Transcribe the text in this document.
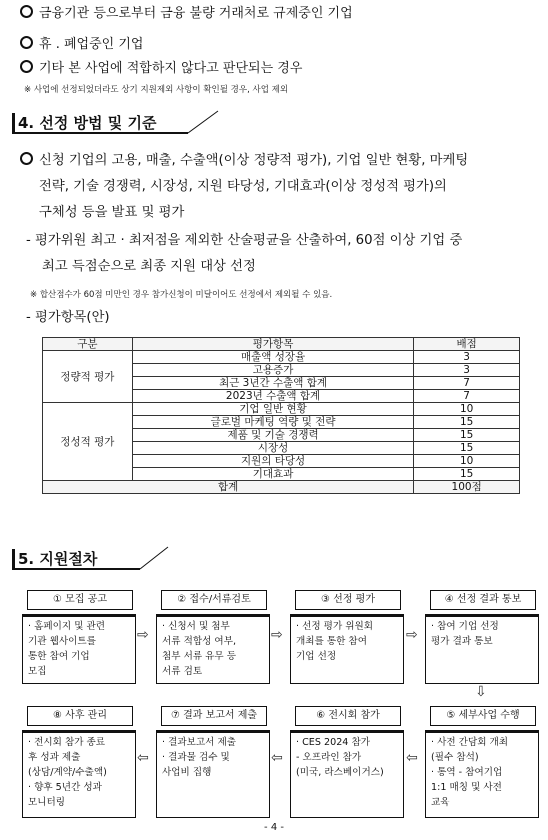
금융기관 등으로부터 금융 불량 거래처로 규제중인 기업
휴 . 폐업중인 기업
기타 본 사업에 적합하지 않다고 판단되는 경우
※ 사업에 선정되었더라도 상기 지원제외 사항이 확인될 경우, 사업 제외
4. 선정 방법 및 기준
신청 기업의 고용, 매출, 수출액(이상 정량적 평가), 기업 일반 현황, 마케팅
전략, 기술 경쟁력, 시장성, 지원 타당성, 기대효과(이상 정성적 평가)의
구체성 등을 발표 및 평가
- 평가위원 최고 · 최저점을 제외한 산술평균을 산출하여, 60점 이상 기업 중
최고 득점순으로 최종 지원 대상 선정
※ 합산점수가 60점 미만인 경우 참가신청이 미달이어도 선정에서 제외될 수 있음.
- 평가항목(안)
구분	평가항목	배점
정량적 평가	매출액 성장율	3
	고용증가	3
	최근 3년간 수출액 합계	7
	2023년 수출액 합계	7
정성적 평가	기업 일반 현황	10
	글로벌 마케팅 역량 및 전략	15
	제품 및 기술 경쟁력	15
	시장성	15
	지원의 타당성	10
	기대효과	15
합계		100점
5. 지원절차
① 모집 공고
· 홈페이지 및 관련
기관 웹사이트를
통한 참여 기업
모집
⇨
② 접수/서류검토
· 신청서 및 첨부
서류 적합성 여부,
첨부 서류 유무 등
서류 검토
⇨
③ 선정 평가
· 선정 평가 위원회
개최를 통한 참여
기업 선정
⇨
④ 선정 결과 통보
· 참여 기업 선정
평가 결과 통보
⇩
⑧ 사후 관리
· 전시회 참가 종료
후 성과 제출
(상담/계약/수출액)
· 향후 5년간 성과
모니터링
⇦
⑦ 결과 보고서 제출
· 결과보고서 제출
· 결과물 검수 및
사업비 집행
⇦
⑥ 전시회 참가
· CES 2024 참가
- 오프라인 참가
(미국, 라스베이거스)
⇦
⑤ 세부사업 수행
· 사전 간담회 개최
(필수 참석)
· 통역 - 참여기업
1:1 매칭 및 사전
교육
- 4 -
